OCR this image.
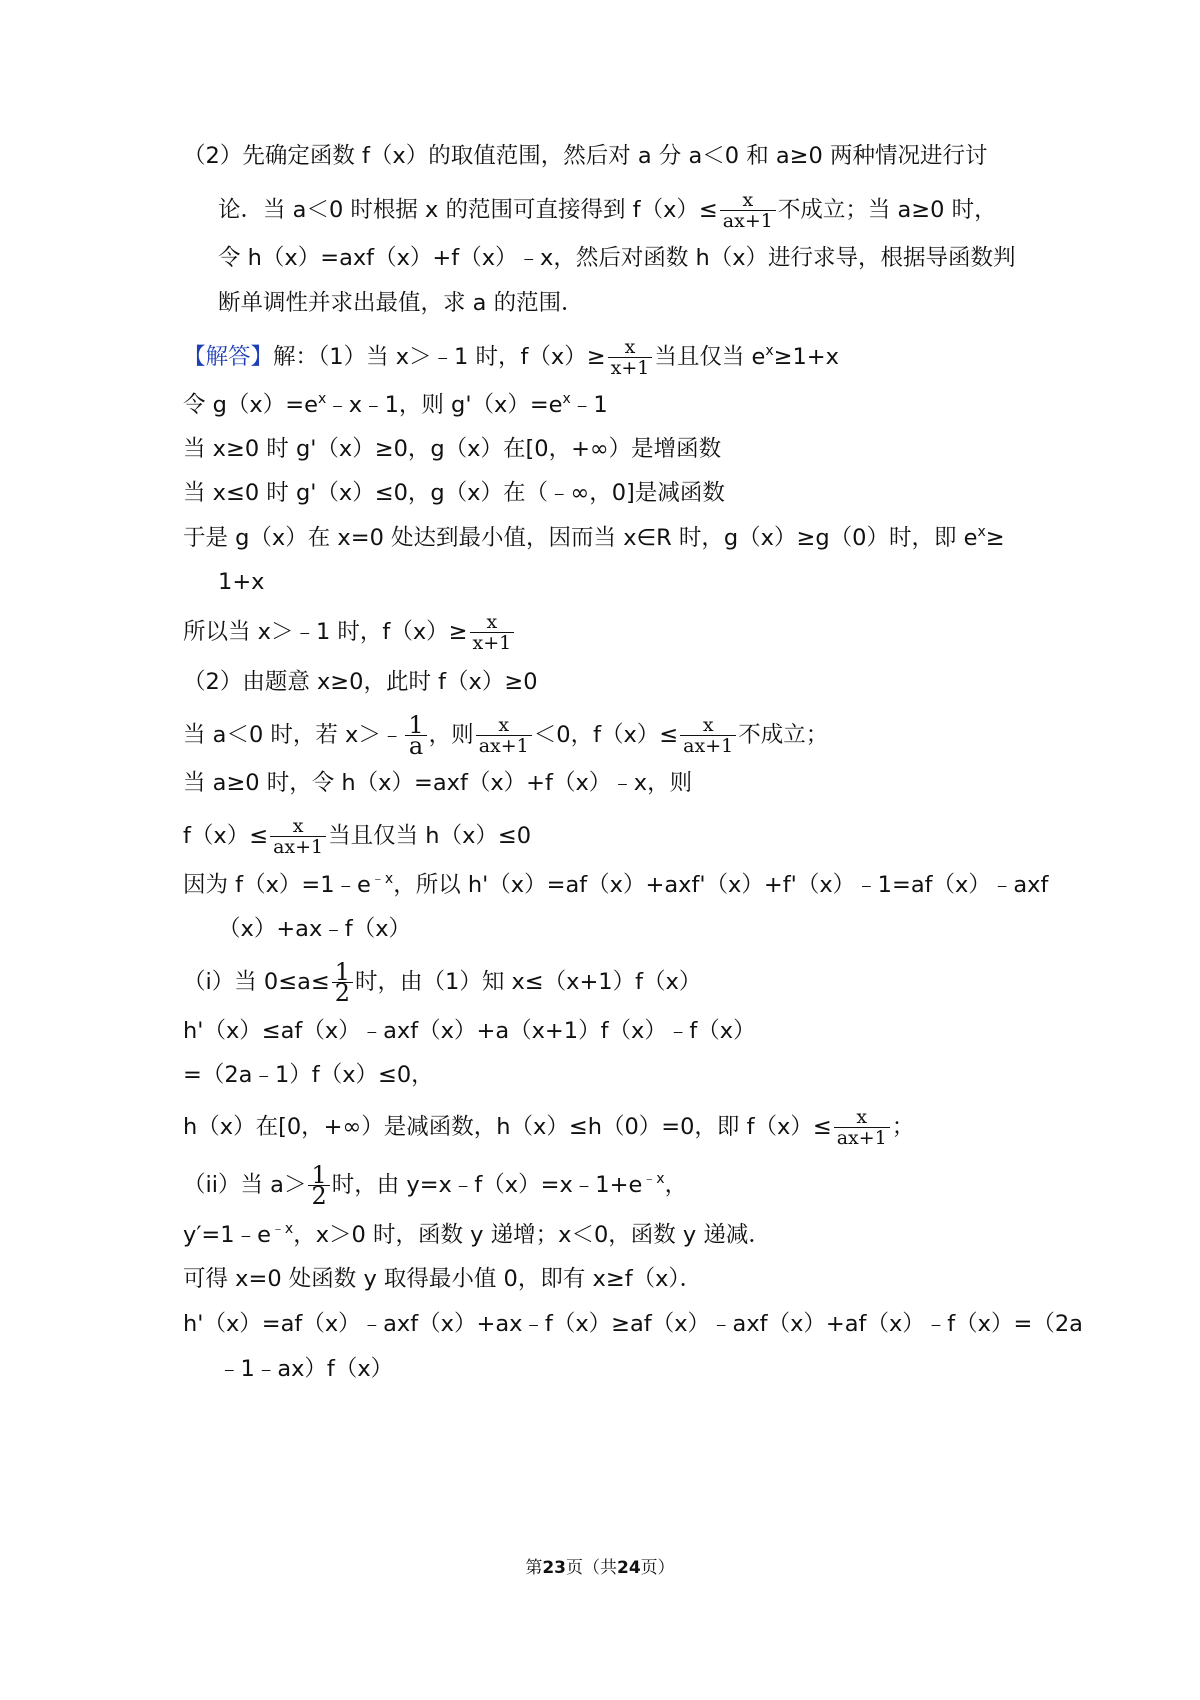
（2）先确定函数 f（x）的取值范围，然后对 a 分 a＜0 和 a≥0 两种情况进行讨
论．当 a＜0 时根据 x 的范围可直接得到 $f(x)\le \frac{x}{ax+1}$ 不成立；当 a≥0 时，
令 h（x）=axf（x）+f（x）﹣x，然后对函数 h（x）进行求导，根据导函数判
断单调性并求出最值，求 a 的范围．
【解答】解：（1）当 x＞﹣1 时，$f(x)\ge \frac{x}{x+1}$ 当且仅当 $e^x\ge 1+x$
令 $g(x)=e^x﹣x﹣1$，则 $g'(x)=e^x﹣1$
当 x≥0 时 g'（x）≥0，g（x）在[0，+∞）是增函数
当 x≤0 时 g'（x）≤0，g（x）在（﹣∞，0]是减函数
于是 g（x）在 x=0 处达到最小值，因而当 x∈R 时，g（x）≥g（0）时，即 $e^x\ge$
1+x
所以当 x＞﹣1 时，$f(x)\ge \frac{x}{x+1}$
（2）由题意 x≥0，此时 f（x）≥0
当 a＜0 时，若 x＞﹣ $\frac{1}{a}$ ，则 $\frac{x}{ax+1} <0$，$f(x)\le \frac{x}{ax+1}$ 不成立；
当 a≥0 时，令 h（x）=axf（x）+f（x）﹣x，则
$f(x)\le \frac{x}{ax+1}$ 当且仅当 h（x）≤0
因为 $f(x)=1﹣e^{﹣x}$，所以 h'（x）=af（x）+axf'（x）+f'（x）﹣1=af（x）﹣axf
（x）+ax﹣f（x）
（i）当 $0\le a\le \frac{1}{2}$ 时，由（1）知 x≤（x+1）f（x）
h'（x）≤af（x）﹣axf（x）+a（x+1）f（x）﹣f（x）
=（2a﹣1）f（x）≤0，
h（x）在[0，+∞）是减函数，h（x）≤h（0）=0，即 $f(x)\le \frac{x}{ax+1}$ ；
（ii）当 $a> \frac{1}{2}$ 时，由 $y=x﹣f(x)=x﹣1+e^{﹣x}$，
$y'=1﹣e^{﹣x}$，x＞0 时，函数 y 递增；x＜0，函数 y 递减．
可得 x=0 处函数 y 取得最小值 0，即有 x≥f（x）．
h'（x）=af（x）﹣axf（x）+ax﹣f（x）≥af（x）﹣axf（x）+af（x）﹣f（x）=（2a
﹣1﹣ax）f（x）
第23页（共24页）
